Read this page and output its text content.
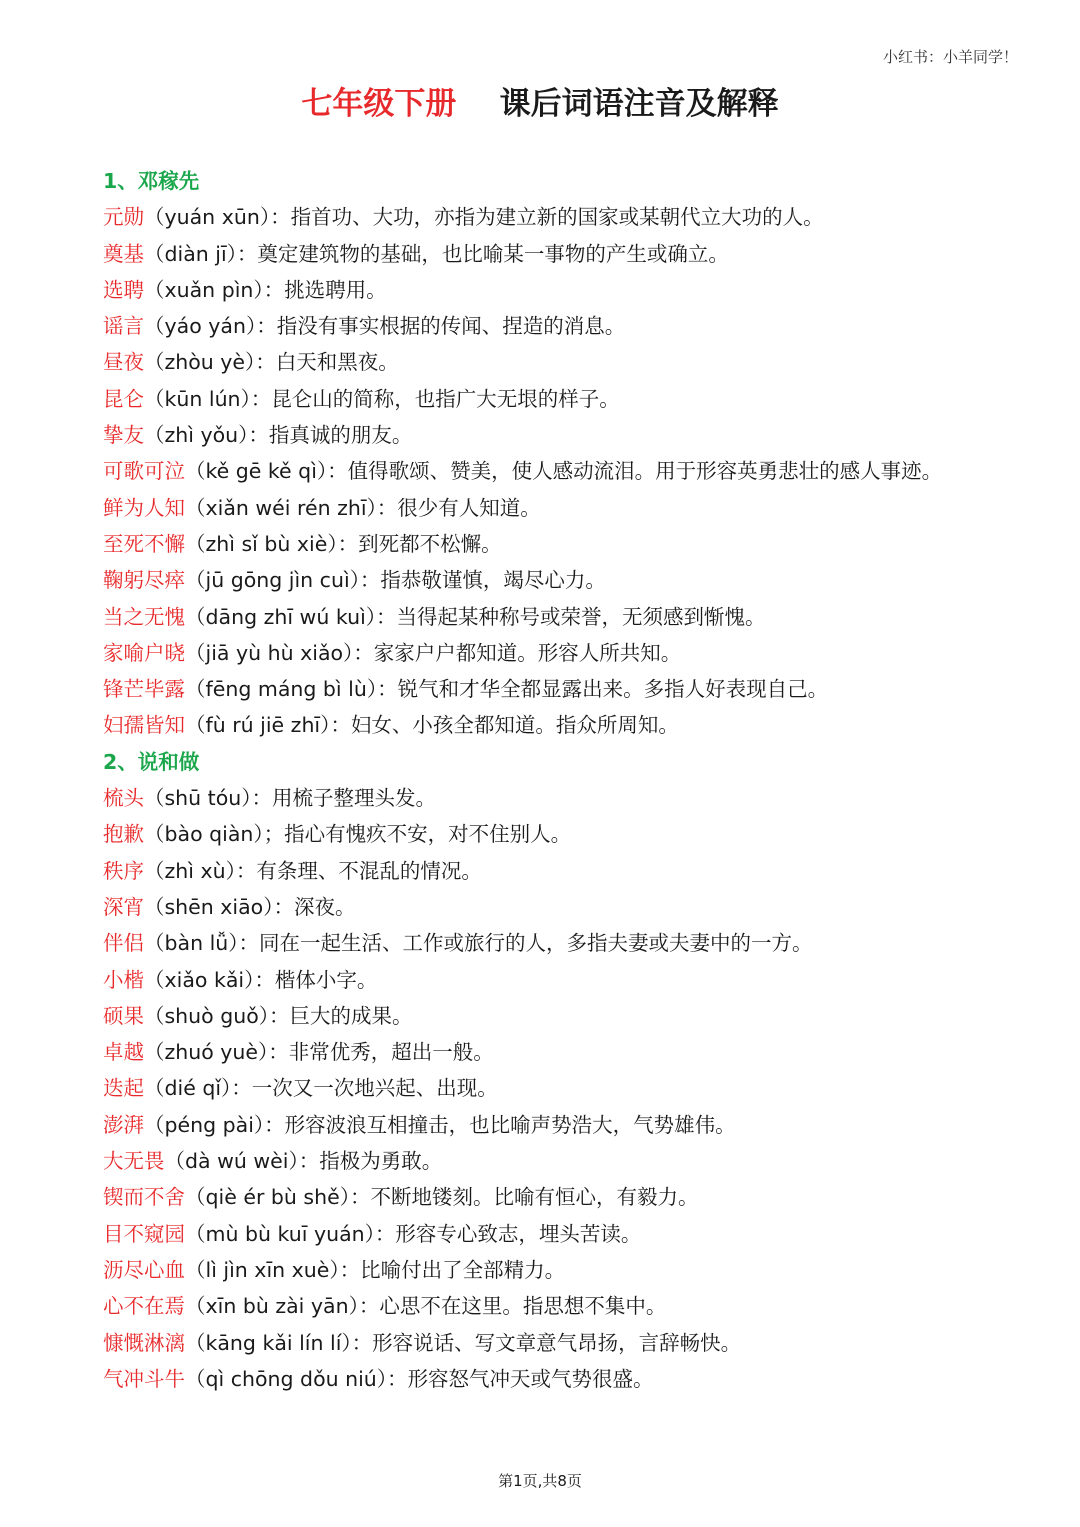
小红书：小羊同学！
七年级下册 课后词语注音及解释
1、邓稼先
元勋（yuán xūn）：指首功、大功，亦指为建立新的国家或某朝代立大功的人。
奠基（diàn jī）：奠定建筑物的基础，也比喻某一事物的产生或确立。
选聘（xuǎn pìn）：挑选聘用。
谣言（yáo yán）：指没有事实根据的传闻、捏造的消息。
昼夜（zhòu yè）：白天和黑夜。
昆仑（kūn lún）：昆仑山的简称，也指广大无垠的样子。
挚友（zhì yǒu）：指真诚的朋友。
可歌可泣（kě gē kě qì）：值得歌颂、赞美，使人感动流泪。用于形容英勇悲壮的感人事迹。
鲜为人知（xiǎn wéi rén zhī）：很少有人知道。
至死不懈（zhì sǐ bù xiè）：到死都不松懈。
鞠躬尽瘁（jū gōng jìn cuì）：指恭敬谨慎，竭尽心力。
当之无愧（dāng zhī wú kuì）：当得起某种称号或荣誉，无须感到惭愧。
家喻户晓（jiā yù hù xiǎo）：家家户户都知道。形容人所共知。
锋芒毕露（fēng máng bì lù）：锐气和才华全都显露出来。多指人好表现自己。
妇孺皆知（fù rú jiē zhī）：妇女、小孩全都知道。指众所周知。
2、说和做
梳头（shū tóu）：用梳子整理头发。
抱歉（bào qiàn）；指心有愧疚不安，对不住别人。
秩序（zhì xù）：有条理、不混乱的情况。
深宵（shēn xiāo）：深夜。
伴侣（bàn lǚ）：同在一起生活、工作或旅行的人，多指夫妻或夫妻中的一方。
小楷（xiǎo kǎi）：楷体小字。
硕果（shuò guǒ）：巨大的成果。
卓越（zhuó yuè）：非常优秀，超出一般。
迭起（dié qǐ）：一次又一次地兴起、出现。
澎湃（péng pài）：形容波浪互相撞击，也比喻声势浩大，气势雄伟。
大无畏（dà wú wèi）：指极为勇敢。
锲而不舍（qiè ér bù shě）：不断地镂刻。比喻有恒心，有毅力。
目不窥园（mù bù kuī yuán）：形容专心致志，埋头苦读。
沥尽心血（lì jìn xīn xuè）：比喻付出了全部精力。
心不在焉（xīn bù zài yān）：心思不在这里。指思想不集中。
慷慨淋漓（kāng kǎi lín lí）：形容说话、写文章意气昂扬，言辞畅快。
气冲斗牛（qì chōng dǒu niú）：形容怒气冲天或气势很盛。
第1页,共8页
